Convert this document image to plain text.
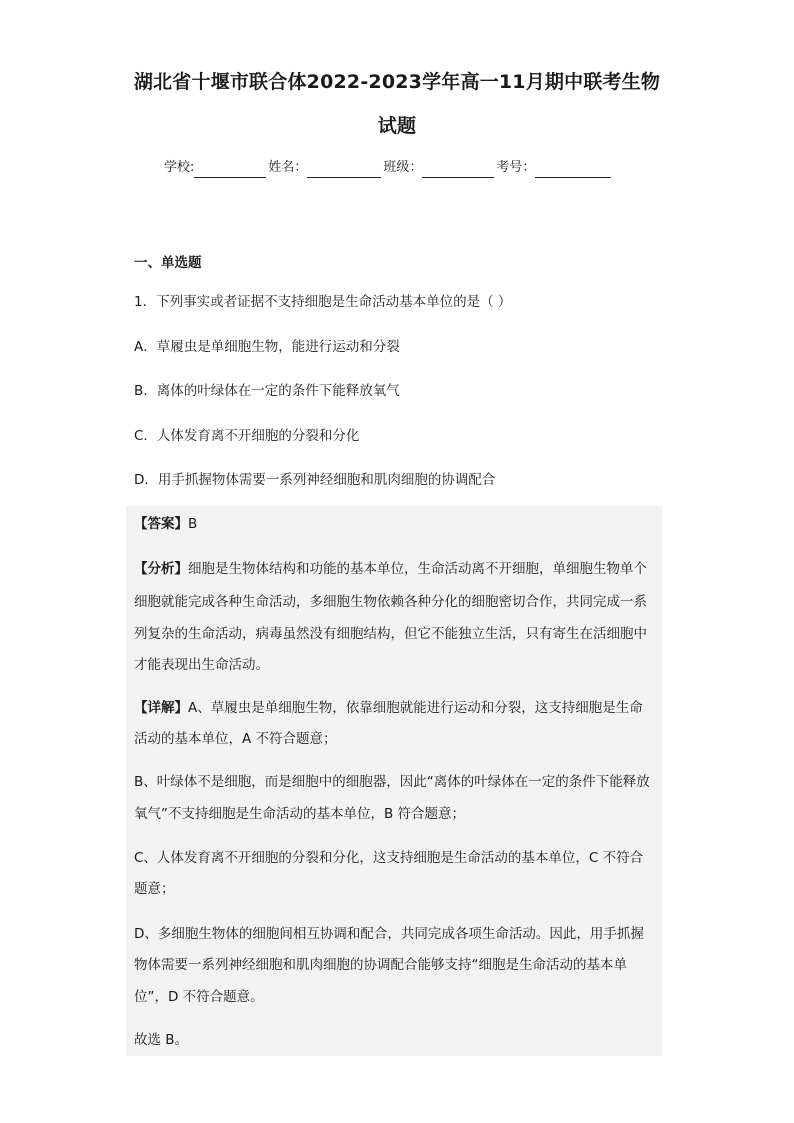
湖北省十堰市联合体2022-2023学年高一11月期中联考生物
试题
学校:	姓名：	班级：	考号：
一、单选题
1．下列事实或者证据不支持细胞是生命活动基本单位的是（ ）
A．草履虫是单细胞生物，能进行运动和分裂
B．离体的叶绿体在一定的条件下能释放氧气
C．人体发育离不开细胞的分裂和分化
D．用手抓握物体需要一系列神经细胞和肌肉细胞的协调配合
【答案】B
【分析】细胞是生物体结构和功能的基本单位，生命活动离不开细胞，单细胞生物单个
细胞就能完成各种生命活动，多细胞生物依赖各种分化的细胞密切合作，共同完成一系
列复杂的生命活动，病毒虽然没有细胞结构，但它不能独立生活，只有寄生在活细胞中
才能表现出生命活动。
【详解】A、草履虫是单细胞生物，依靠细胞就能进行运动和分裂，这支持细胞是生命
活动的基本单位，A 不符合题意；
B、叶绿体不是细胞，而是细胞中的细胞器，因此“离体的叶绿体在一定的条件下能释放
氧气”不支持细胞是生命活动的基本单位，B 符合题意；
C、人体发育离不开细胞的分裂和分化，这支持细胞是生命活动的基本单位，C 不符合
题意；
D、多细胞生物体的细胞间相互协调和配合，共同完成各项生命活动。因此，用手抓握
物体需要一系列神经细胞和肌肉细胞的协调配合能够支持“细胞是生命活动的基本单
位”，D 不符合题意。
故选 B。
